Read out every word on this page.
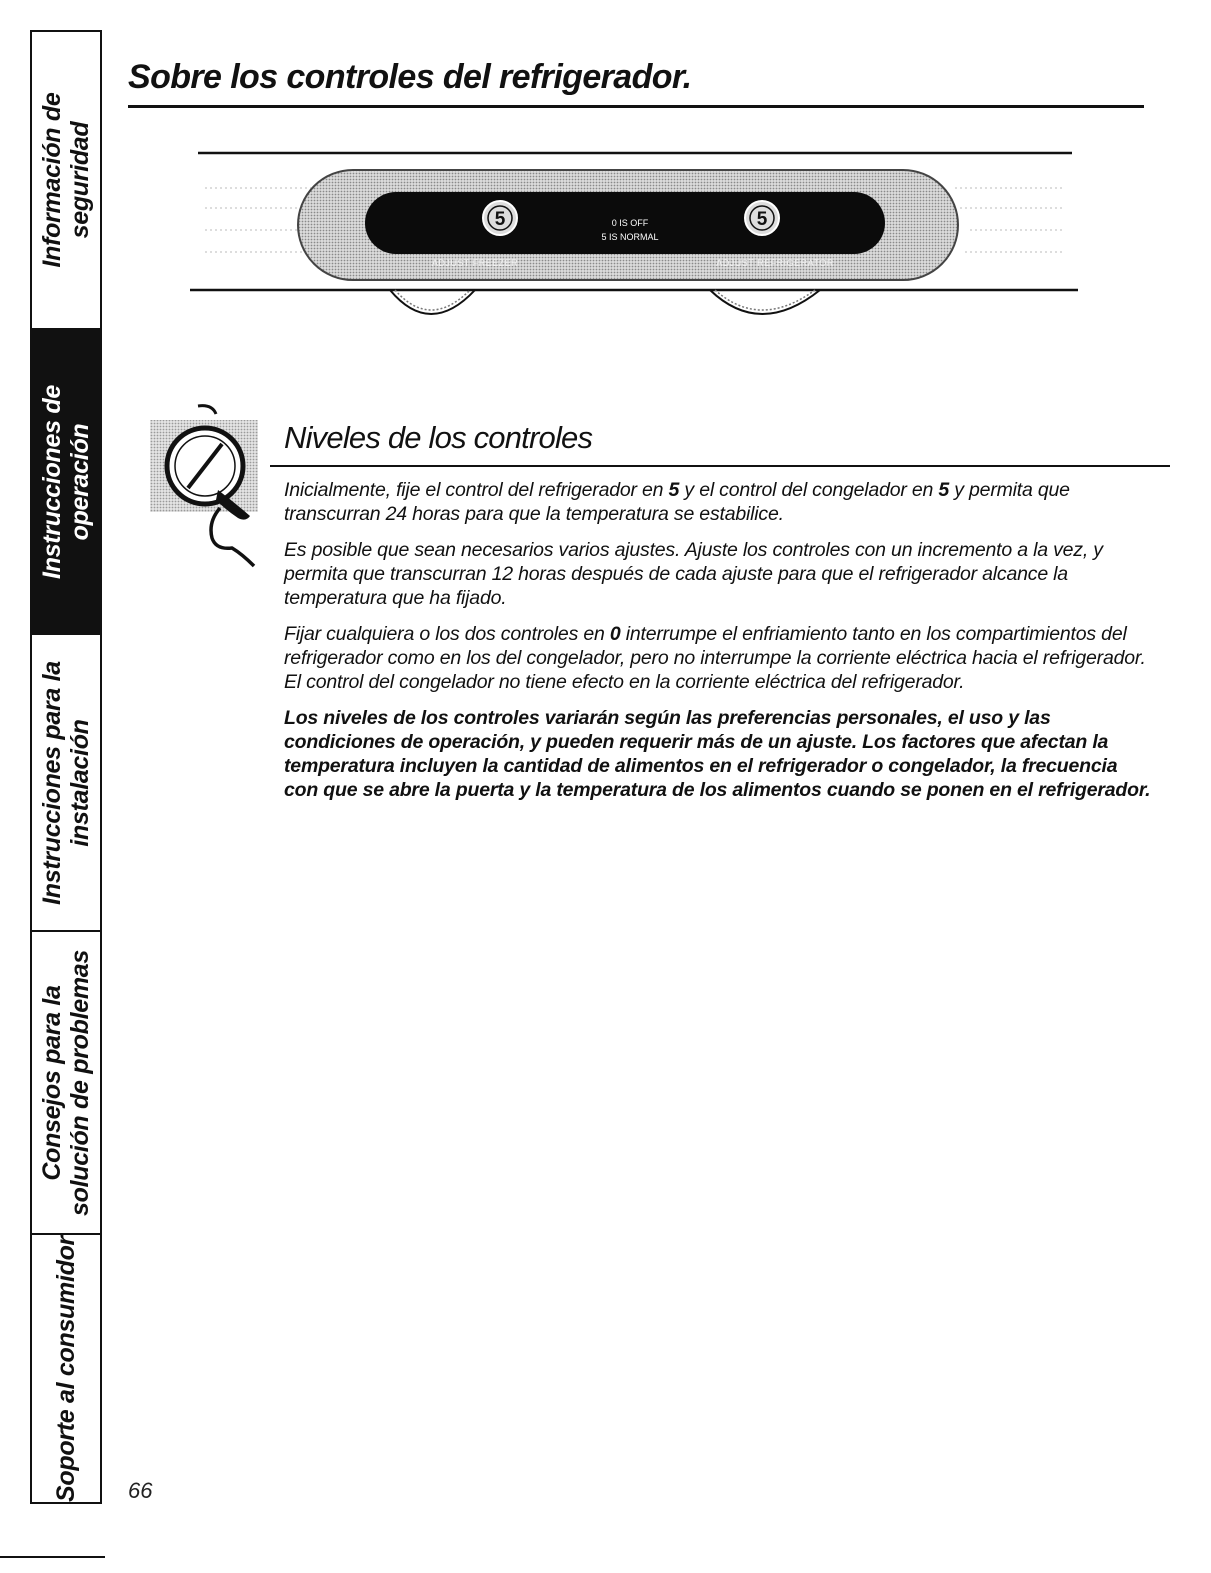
Información de seguridad
Instrucciones de operación
Instrucciones para la instalación
Consejos para la solución de problemas
Soporte al consumidor
Sobre los controles del refrigerador.
5	5
0 IS OFF
5 IS NORMAL
ADJUST FREEZER	ADJUST REFRIGERATOR
Niveles de los controles

Inicialmente, fije el control del refrigerador en 5 y el control del congelador en 5 y permita que transcurran 24 horas para que la temperatura se estabilice.

Es posible que sean necesarios varios ajustes. Ajuste los controles con un incremento a la vez, y permita que transcurran 12 horas después de cada ajuste para que el refrigerador alcance la temperatura que ha fijado.

Fijar cualquiera o los dos controles en 0 interrumpe el enfriamiento tanto en los compartimientos del refrigerador como en los del congelador, pero no interrumpe la corriente eléctrica hacia el refrigerador. El control del congelador no tiene efecto en la corriente eléctrica del refrigerador.

Los niveles de los controles variarán según las preferencias personales, el uso y las condiciones de operación, y pueden requerir más de un ajuste. Los factores que afectan la temperatura incluyen la cantidad de alimentos en el refrigerador o congelador, la frecuencia con que se abre la puerta y la temperatura de los alimentos cuando se ponen en el refrigerador.

66
